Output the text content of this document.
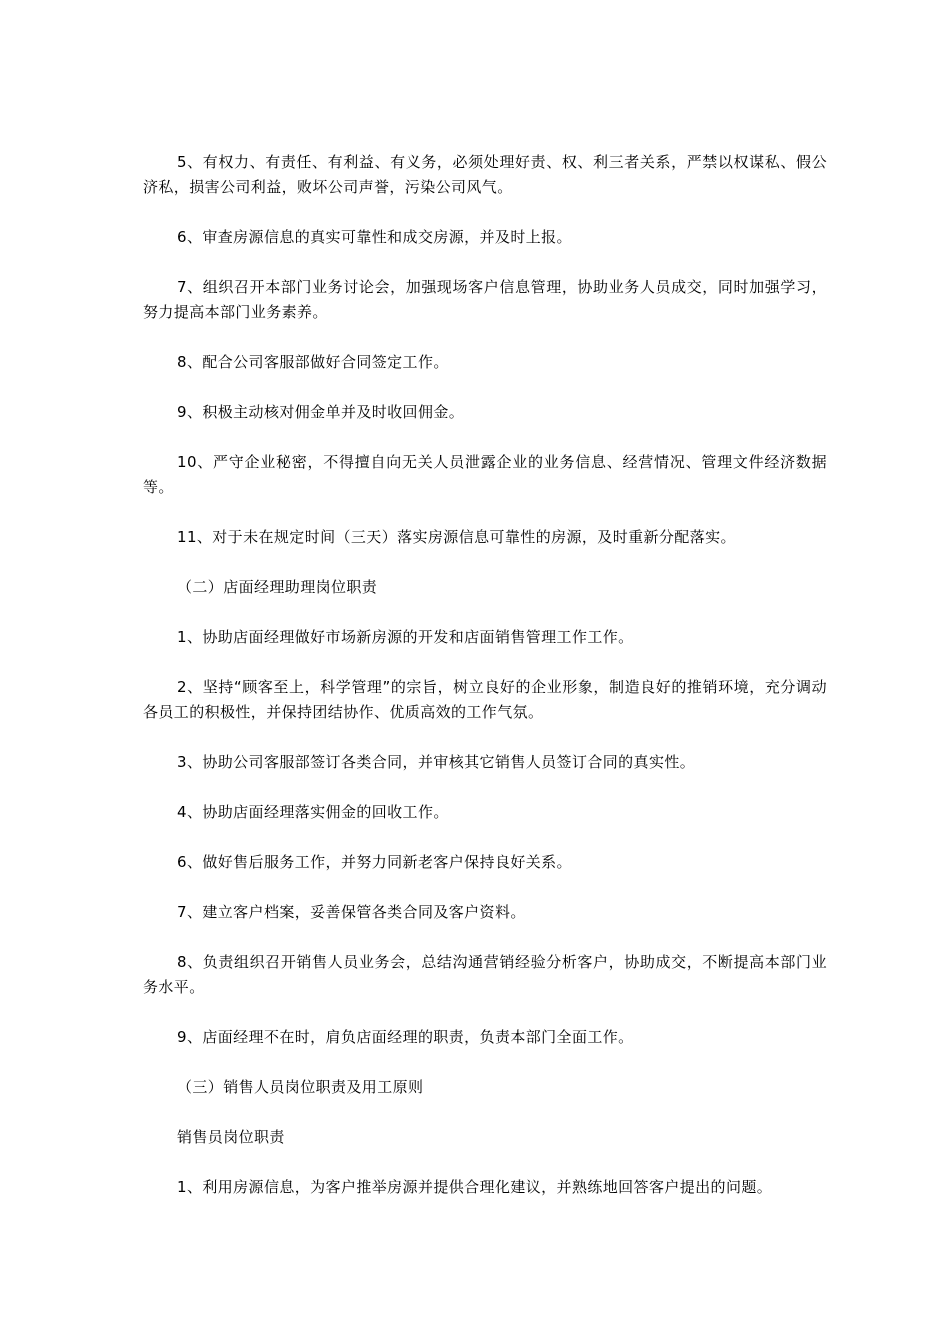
5、有权力、有责任、有利益、有义务，必须处理好责、权、利三者关系，严禁以权谋私、假公济私，损害公司利益，败坏公司声誉，污染公司风气。

6、审查房源信息的真实可靠性和成交房源，并及时上报。

7、组织召开本部门业务讨论会，加强现场客户信息管理，协助业务人员成交，同时加强学习，努力提高本部门业务素养。

8、配合公司客服部做好合同签定工作。

9、积极主动核对佣金单并及时收回佣金。

10、严守企业秘密，不得擅自向无关人员泄露企业的业务信息、经营情况、管理文件经济数据等。

11、对于未在规定时间（三天）落实房源信息可靠性的房源，及时重新分配落实。

（二）店面经理助理岗位职责

1、协助店面经理做好市场新房源的开发和店面销售管理工作工作。

2、坚持“顾客至上，科学管理”的宗旨，树立良好的企业形象，制造良好的推销环境，充分调动各员工的积极性，并保持团结协作、优质高效的工作气氛。

3、协助公司客服部签订各类合同，并审核其它销售人员签订合同的真实性。

4、协助店面经理落实佣金的回收工作。

6、做好售后服务工作，并努力同新老客户保持良好关系。

7、建立客户档案，妥善保管各类合同及客户资料。

8、负责组织召开销售人员业务会，总结沟通营销经验分析客户，协助成交，不断提高本部门业务水平。

9、店面经理不在时，肩负店面经理的职责，负责本部门全面工作。

（三）销售人员岗位职责及用工原则

销售员岗位职责

1、利用房源信息，为客户推举房源并提供合理化建议，并熟练地回答客户提出的问题。
